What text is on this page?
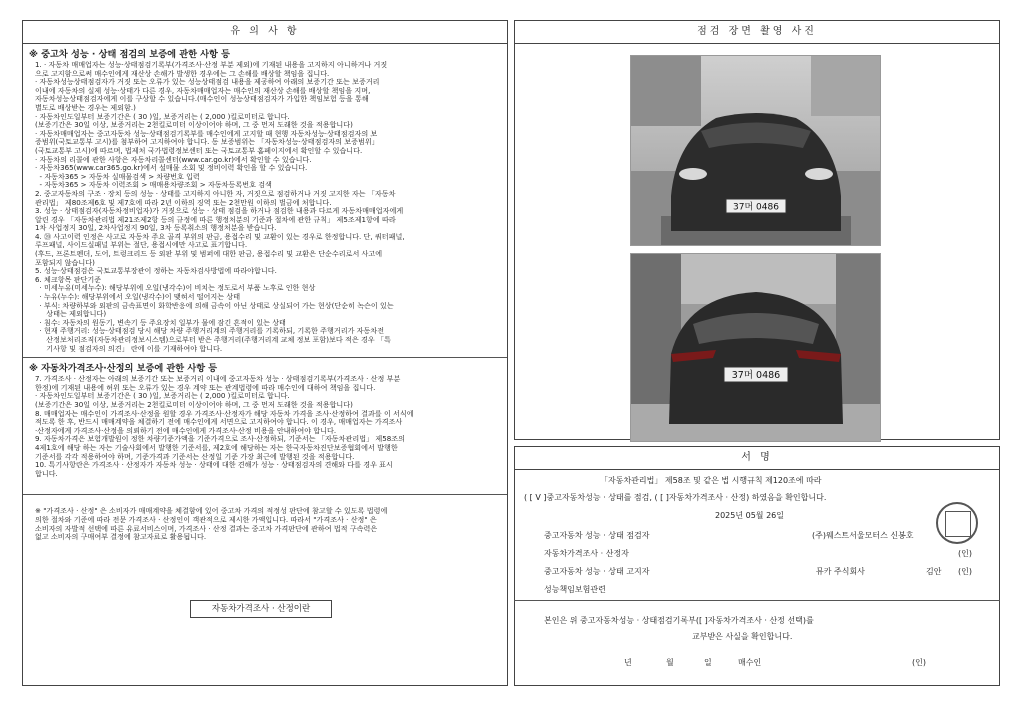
유 의 사 항
※ 중고차 성능 · 상태 점검의 보증에 관한 사항 등
1. · 자동차 매매업자는 성능·상태점검기록부(가격조사·산정 부분 제외)에 기재된 내용을 고지하지 아니하거나 거짓
으로 고지함으로써 매수인에게 재산상 손해가 발생한 경우에는 그 손해를 배상할 책임을 집니다.
· 자동차성능상태점검자가 거짓 또는 오류가 있는 성능상태점검 내용을 제공하여 아래의 보증기간 또는 보증거리
이내에 자동차의 실제 성능·상태가 다른 경우, 자동차매매업자는 매수인의 재산상 손해를 배상할 책임을 지며,
자동차성능상태점검자에게 이를 구상할 수 있습니다.(매수인이 성능상태점검자가 가입한 책임보험 등을 통해
별도로 배상받는 경우는 제외함.)
· 자동차인도일부터 보증기간은 ( 30 )일, 보증거리는 ( 2,000 )킬로미터로 합니다.
(보증기간은 30일 이상, 보증거리는 2천킬로미터 이상이어야 하며, 그 중 먼저 도래한 것을 적용합니다)
· 자동차매매업자는 중고자동차 성능·상태점검기록부를 매수인에게 고지할 때 현행 자동차성능·상태점검자의 보
증범위(국토교통부 고시)를 첨부하여 고지하여야 합니다. 동 보증범위는 「자동차성능·상태점검자의 보증범위」
(국토교통부 고시)에 따르며, 법제처 국가법령정보센터 또는 국토교통부 홈페이지에서 확인할 수 있습니다.
· 자동차의 리콜에 관한 사항은 자동차리콜센터(www.car.go.kr)에서 확인할 수 있습니다.
· 자동차365(www.car365.go.kr)에서 설매물 소회 및 정비이력 확인을 할 수 있습니다.
- 자동차365 > 자동차 실매물검색 > 차량번호 입력
- 자동차365 > 자동차 이력조회 > 매매용차량조회 > 자동차등록번호 검색
2. 중고자동차의 구조 · 장치 등의 성능 · 상태를 고지하지 아니한 자, 거짓으로 점검하거나 거짓 고지한 자는 「자동차
관리법」 제80조제6호 및 제7호에 따라 2년 이하의 징역 또는 2천만원 이하의 벌금에 처합니다.
3. 성능 · 상태점검자(자동차정비업자)가 거짓으로 성능 · 상태 점검을 하거나 점검한 내용과 다르게 자동차매매업자에게
알린 경우 「자동차관리법 제21조제2항 등의 규정에 따른 행정처분의 기준과 절차에 관한 규칙」 제5조제1항에 따라
1차 사업정지 30일, 2차사업정지 90일, 3차 등록취소의 행정처분을 받습니다.
4. ⑳ 사고이력 인정은 사고로 자동차 주요 골격 부위의 판금, 용접수리 및 교환이 있는 경우로 한정합니다. 단, 쿼터패널,
루프패널, 사이드실패널 부위는 절단, 용접시에만 사고로 표기합니다.
(후드, 프론트펜더, 도어, 트렁크리드 등 외판 부위 및 범퍼에 대한 판금, 용접수리 및 교환은 단순수리로서 사고에
포함되지 않습니다)
5. 성능·상태점검은 국토교통부장관이 정하는 자동차검사방법에 따라야합니다.
6. 체크항목 판단기준
· 미세누유(미세누수): 해당부위에 오일(냉각수)이 비치는 정도로서 부품 노후로 인한 현상
· 누유(누수): 해당부위에서 오일(냉각수)이 맺혀서 떨어지는 상태
· 부식: 차량하부와 외판의 금속표면이 화학반응에 의해 금속이 아닌 상태로 상실되어 가는 현상(단순히 녹슨이 있는
상태는 제외합니다)
· 침수: 자동차의 원동기, 변속기 등 주요장치 일부가 물에 잠긴 흔적이 있는 상태
· 현재 주행거리: 성능·상태점검 당시 해당 차량 주행거리계의 주행거리를 기록하되, 기록한 주행거리가 자동차전
산정보처리조직(자동차관리정보시스템)으로부터 받은 주행거리(주행거리계 교체 정보 포함)보다 적은 경우 「특
기사항 및 점검자의 의견」 란에 이를 기재하여야 합니다.
※ 자동차가격조사·산정의 보증에 관한 사항 등
7. 가격조사 · 산정자는 아래의 보증기간 또는 보증거리 이내에 중고자동차 성능 · 상태점검기록부(가격조사 · 산정 부분
한정)에 기재된 내용에 허위 또는 오류가 있는 경우 계약 또는 관계법령에 따라 매수인에 대하여 책임을 집니다.
· 자동차인도일부터 보증기간은 ( 30 )일, 보증거리는 ( 2,000 )킬로미터로 합니다.
(보증기간은 30일 이상, 보증거리는 2천킬로미터 이상이어야 하며, 그 중 먼저 도래한 것을 적용합니다)
8. 매매업자는 매수인이 가격조사·산정을 원할 경우 가격조사·산정자가 해당 자동차 가격을 조사·산정하여 결과를 이 서식에
적도록 한 후, 반드시 매매계약을 체결하기 전에 매수인에게 서면으로 고지하여야 합니다. 이 경우, 매매업자는 가격조사
·산정자에게 가격조사·산정을 의뢰하기 전에 매수인에게 가격조사·산정 비용을 안내하여야 합니다.
9. 자동차가격은 보험개발원이 정한 차량기준가액을 기준가격으로 조사·산정하되, 기준서는 「자동차관리법」 제58조의
4제1호에 해당 하는 자는 기술사회에서 발행한 기준서를, 제2호에 해당하는 자는 한국자동차진단보증협회에서 발행한
기준서를 각각 적용하여야 하며, 기준가격과 기준서는 산정일 기준 가장 최근에 발행된 것을 적용합니다.
10. 특기사항란은 가격조사 · 산정자가 자동차 성능 · 상태에 대한 견해가 성능 · 상태점검자의 견해와 다를 경우 표시
합니다.
※ "가격조사 · 산정" 은 소비자가 매매계약을 체결함에 있어 중고차 가격의 적정성 판단에 참고할 수 있도록 법령에
의한 절차와 기준에 따라 전문 가격조사 · 산정인이 객관적으로 제시한 가액입니다. 따라서 "가격조사 · 산정" 은
소비자의 자발적 선택에 따른 유료서비스이며, 가격조사 · 산정 결과는 중고차 가격판단에 관하여 법적 구속력은
없고 소비자의 구매여부 결정에 참고자료로 활용됩니다.
자동차가격조사 · 산정이란
점검 장면 촬영 사진
37머 0486
37머 0486
서 명
「자동차관리법」 제58조 및 같은 법 시행규칙 제120조에 따라
( [ V ]중고자동차성능 · 상태를 점검, ( [ ]자동차가격조사 · 산정) 하였음을 확인합니다.
2025년 05월 26일
중고자동차 성능 · 상태 점검자	(주)웨스트서울모터스 신봉호
자동차가격조사 · 산정자	(인)
중고자동차 성능 · 상태 고지자	뮤카 주식회사	김안 (인)
성능책임보험관련
본인은 위 중고자동차성능 · 상태점검기록부([ ]자동차가격조사 · 산정 선택)를
교부받은 사실을 확인합니다.
년	월	일	매수인	(인)
